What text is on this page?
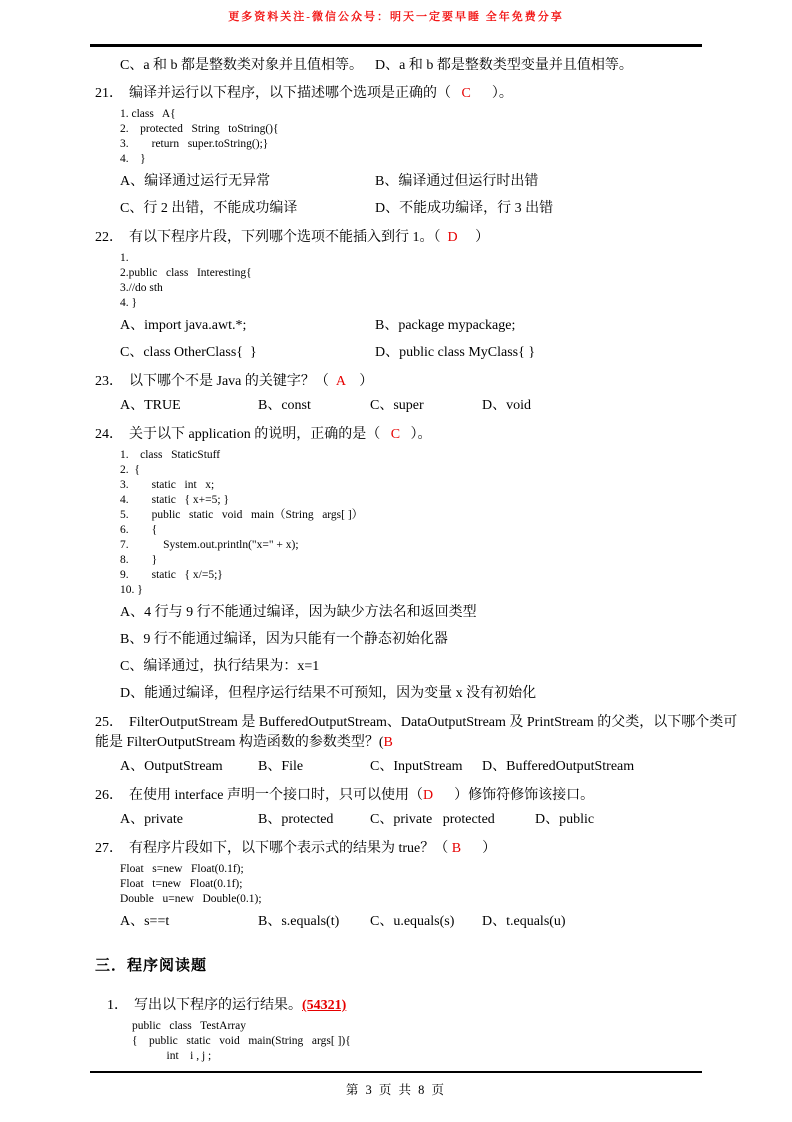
更多资料关注-微信公众号：明天一定要早睡 全年免费分享
C、a 和 b 都是整数类对象并且值相等。 D、a 和 b 都是整数类型变量并且值相等。
21． 编译并运行以下程序，以下描述哪个选项是正确的（   C      ）。
1. class   A{
2.    protected   String   toString(){
3.        return   super.toString();}
4.    }
A、编译通过运行无异常	B、编译通过但运行时出错
C、行 2 出错，不能成功编译	D、不能成功编译，行 3 出错
22． 有以下程序片段，下列哪个选项不能插入到行 1。（  D     ）
1.
2.public   class   Interesting{
3.//do sth
4. }
A、import java.awt.*;	B、package mypackage;
C、class OtherClass{  }	D、public class MyClass{ }
23． 以下哪个不是 Java 的关键字？（  A    ）
A、TRUE	B、const	C、super	D、void
24． 关于以下 application 的说明，正确的是（   C   ）。
1.    class   StaticStuff
2.  {
3.        static   int   x;
4.        static   { x+=5; }
5.        public   static   void   main（String   args[ ]）
6.        {
7.            System.out.println("x=" + x);
8.        }
9.        static   { x/=5;}
10. }
A、4 行与 9 行不能通过编译，因为缺少方法名和返回类型
B、9 行不能通过编译，因为只能有一个静态初始化器
C、编译通过，执行结果为：x=1
D、能通过编译，但程序运行结果不可预知，因为变量 x 没有初始化
25． FilterOutputStream 是 BufferedOutputStream、DataOutputStream 及 PrintStream 的父类，以下哪个类可能是 FilterOutputStream 构造函数的参数类型？(B
A、OutputStream	B、File	C、InputStream	D、BufferedOutputStream
26． 在使用 interface 声明一个接口时，只可以使用（D      ）修饰符修饰该接口。
A、private	B、protected	C、private   protected	D、public
27． 有程序片段如下，以下哪个表示式的结果为 true？（ B      ）
Float   s=new   Float(0.1f);
Float   t=new   Float(0.1f);
Double   u=new   Double(0.1);
A、s==t	B、s.equals(t)	C、u.equals(s)	D、t.equals(u)
三．程序阅读题
1． 写出以下程序的运行结果。(54321)
public   class   TestArray
{    public   static   void   main(String   args[ ]){
int    i , j ;
第 3 页 共 8 页
